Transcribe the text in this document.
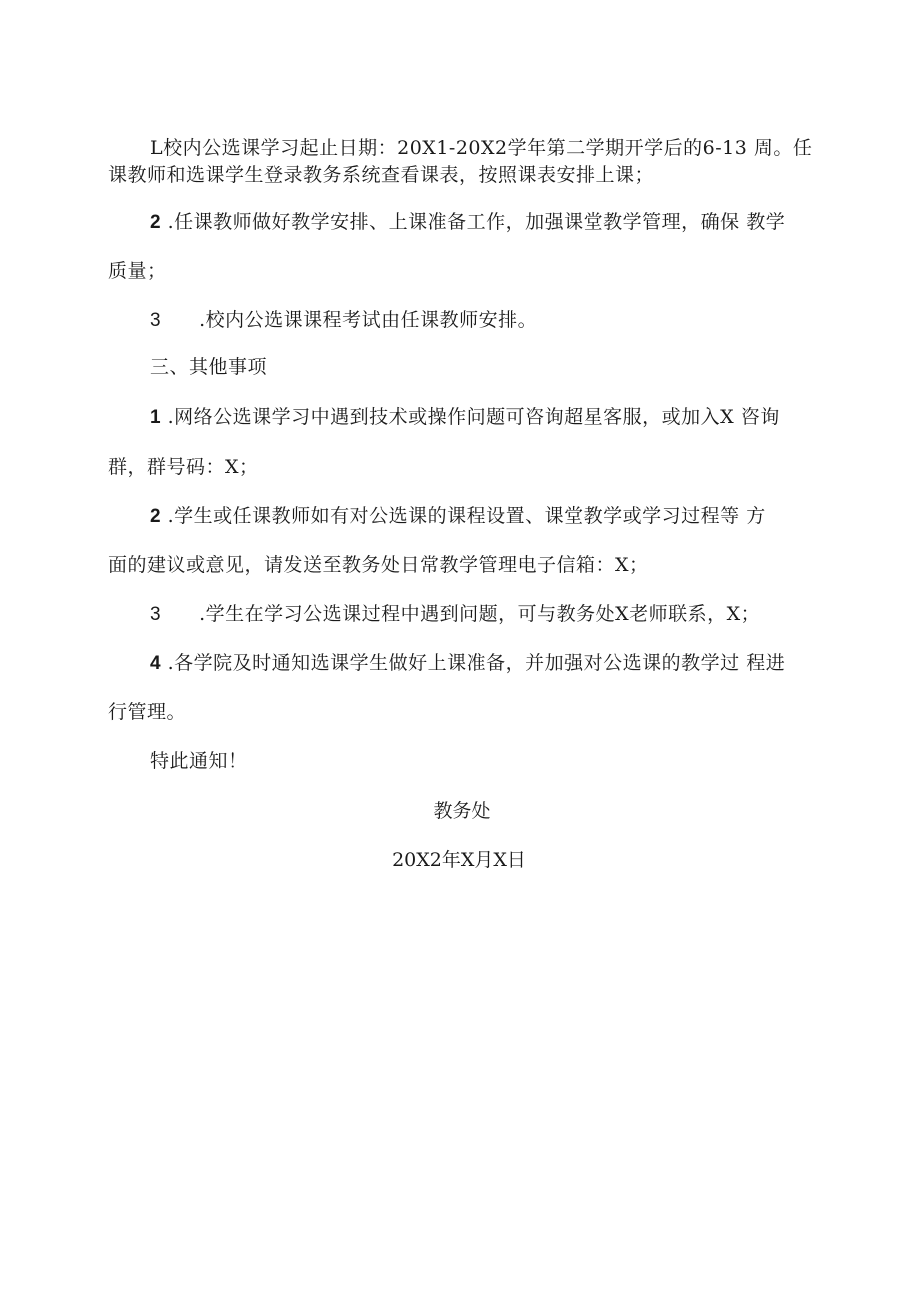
L校内公选课学习起止日期：20X1-20X2学年第二学期开学后的6-13 周。任
课教师和选课学生登录教务系统查看课表，按照课表安排上课；
2 .任课教师做好教学安排、上课准备工作，加强课堂教学管理，确保 教学
质量；
3 .校内公选课课程考试由任课教师安排。
三、其他事项
1 .网络公选课学习中遇到技术或操作问题可咨询超星客服，或加入X 咨询
群，群号码：X；
2 .学生或任课教师如有对公选课的课程设置、课堂教学或学习过程等 方
面的建议或意见，请发送至教务处日常教学管理电子信箱：X；
3 .学生在学习公选课过程中遇到问题，可与教务处X老师联系，X；
4 .各学院及时通知选课学生做好上课准备，并加强对公选课的教学过 程进
行管理。
特此通知！
教务处
20X2年X月X日
